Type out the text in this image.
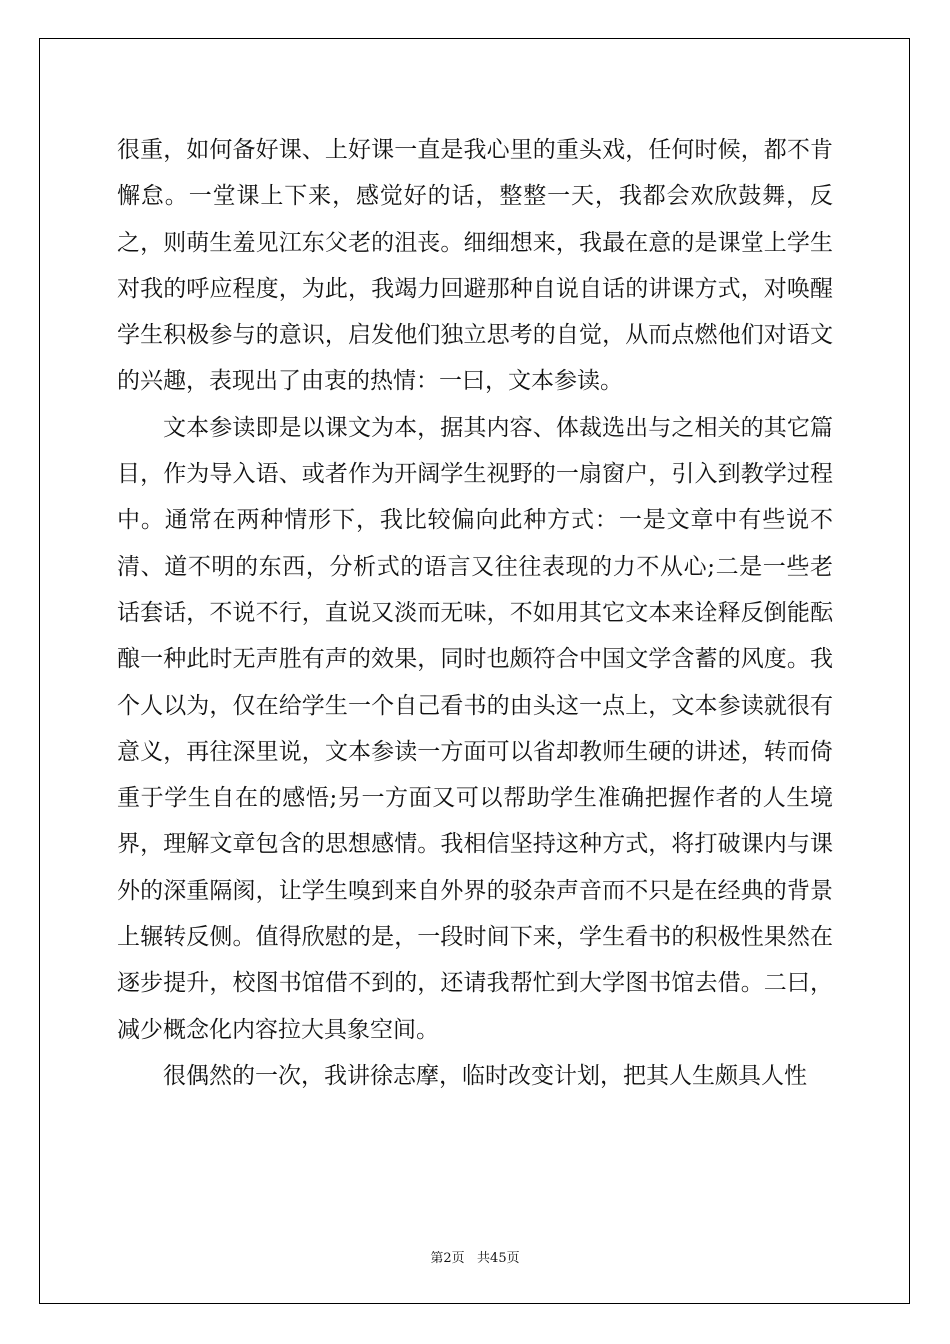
很重，如何备好课、上好课一直是我心里的重头戏，任何时候，都不肯懈怠。一堂课上下来，感觉好的话，整整一天，我都会欢欣鼓舞，反之，则萌生羞见江东父老的沮丧。细细想来，我最在意的是课堂上学生对我的呼应程度，为此，我竭力回避那种自说自话的讲课方式，对唤醒学生积极参与的意识，启发他们独立思考的自觉，从而点燃他们对语文的兴趣，表现出了由衷的热情：一曰，文本参读。

文本参读即是以课文为本，据其内容、体裁选出与之相关的其它篇目，作为导入语、或者作为开阔学生视野的一扇窗户，引入到教学过程中。通常在两种情形下，我比较偏向此种方式：一是文章中有些说不清、道不明的东西，分析式的语言又往往表现的力不从心;二是一些老话套话，不说不行，直说又淡而无味，不如用其它文本来诠释反倒能酝酿一种此时无声胜有声的效果，同时也颇符合中国文学含蓄的风度。我个人以为，仅在给学生一个自己看书的由头这一点上，文本参读就很有意义，再往深里说，文本参读一方面可以省却教师生硬的讲述，转而倚重于学生自在的感悟;另一方面又可以帮助学生准确把握作者的人生境界，理解文章包含的思想感情。我相信坚持这种方式，将打破课内与课外的深重隔阂，让学生嗅到来自外界的驳杂声音而不只是在经典的背景上辗转反侧。值得欣慰的是，一段时间下来，学生看书的积极性果然在逐步提升，校图书馆借不到的，还请我帮忙到大学图书馆去借。二曰，减少概念化内容拉大具象空间。

很偶然的一次，我讲徐志摩，临时改变计划，把其人生颇具人性

第2页   共45页
